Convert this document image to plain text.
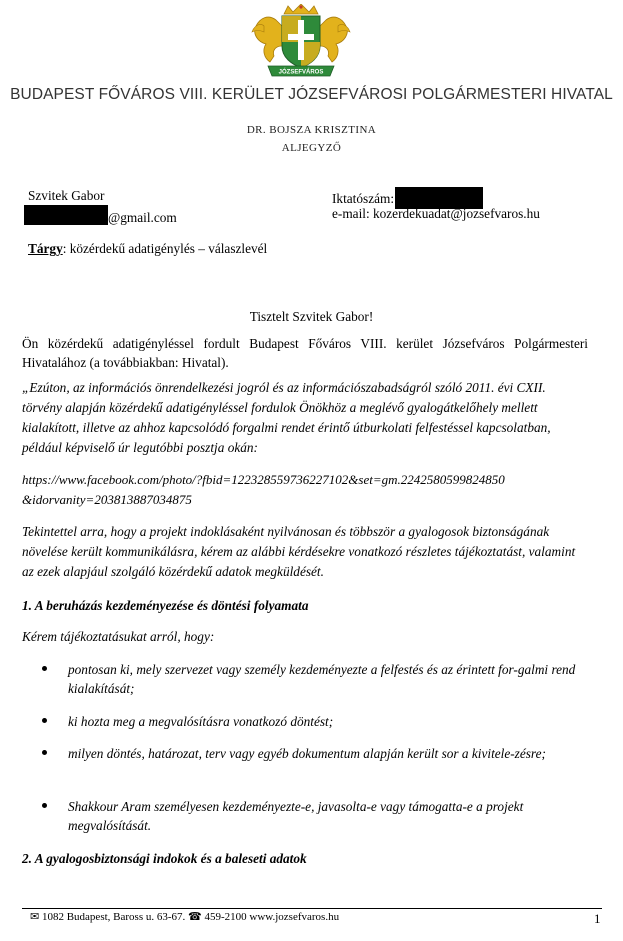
JÓZSEFVÁROS
BUDAPEST FŐVÁROS VIII. KERÜLET JÓZSEFVÁROSI POLGÁRMESTERI HIVATAL
DR. BOJSZA KRISZTINA
ALJEGYZŐ
Szvitek Gabor
@gmail.com
Iktatószám:
e-mail: kozerdekuadat@jozsefvaros.hu
Tárgy: közérdekű adatigénylés – válaszlevél
Tisztelt Szvitek Gabor!
Ön közérdekű adatigényléssel fordult Budapest Főváros VIII. kerület Józsefváros Polgármesteri Hivatalához (a továbbiakban: Hivatal).
„Ezúton, az információs önrendelkezési jogról és az információszabadságról szóló 2011. évi CXII. törvény alapján közérdekű adatigényléssel fordulok Önökhöz a meglévő gyalogátkelőhely mellett kialakított, illetve az ahhoz kapcsolódó forgalmi rendet érintő útburkolati felfestéssel kapcsolatban, például képviselő úr legutóbbi posztja okán:
https://www.facebook.com/photo/?fbid=122328559736227102&set=gm.2242580599824850
&idorvanity=203813887034875
Tekintettel arra, hogy a projekt indoklásaként nyilvánosan és többször a gyalogosok biztonságának növelése került kommunikálásra, kérem az alábbi kérdésekre vonatkozó részletes tájékoztatást, valamint az ezek alapjául szolgáló közérdekű adatok megküldését.
1. A beruházás kezdeményezése és döntési folyamata
Kérem tájékoztatásukat arról, hogy:
pontosan ki, mely szervezet vagy személy kezdeményezte a felfestés és az érintett for-galmi rend kialakítását;
ki hozta meg a megvalósításra vonatkozó döntést;
milyen döntés, határozat, terv vagy egyéb dokumentum alapján került sor a kivitele-zésre;
Shakkour Aram személyesen kezdeményezte-e, javasolta-e vagy támogatta-e a projekt megvalósítását.
2. A gyalogosbiztonsági indokok és a baleseti adatok
✉ 1082 Budapest, Baross u. 63-67. ☎ 459-2100 www.jozsefvaros.hu	1
